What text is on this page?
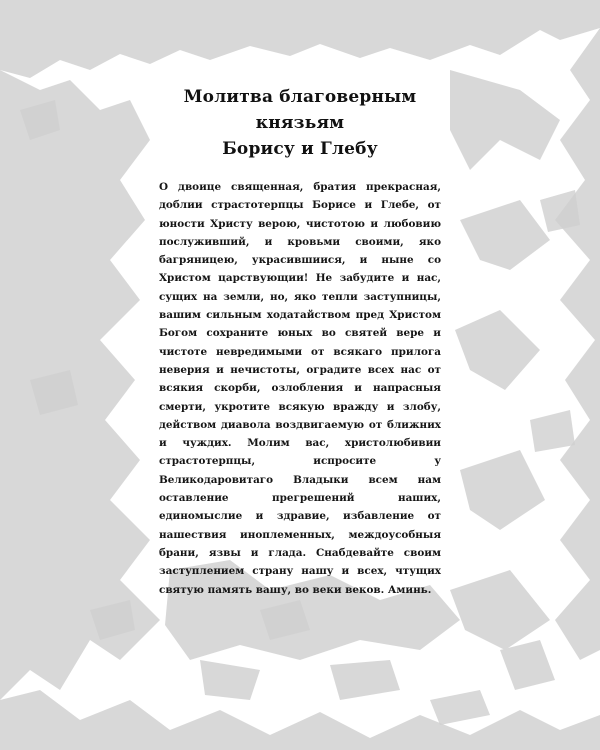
Молитва благоверным
князьям
Борису и Глебу

О двоице священная, братия прекрасная, доблии страстотерпцы Борисе и Глебе, от юности Христу верою, чистотою и любовию послуживший, и кровьми своими, яко багряницею, украсившиися, и ныне со Христом царствующии! Не забудите и нас, сущих на земли, но, яко тепли заступницы, вашим сильным ходатайством пред Христом Богом сохраните юных во святей вере и чистоте невредимыми от всякаго прилога неверия и нечистоты, оградите всех нас от всякия скорби, озлобления и напрасныя смерти, укротите всякую вражду и злобу, действом диавола воздвигаемую от ближних и чуждих. Молим вас, христолюбивии страстотерпцы, испросите у Великодаровитаго Владыки всем нам оставление прегрешений наших, единомыслие и здравие, избавление от нашествия иноплеменных, междоусобныя брани, язвы и глада. Снабдевайте своим заступлением страну нашу и всех, чтущих святую память вашу, во веки веков. Аминь.
